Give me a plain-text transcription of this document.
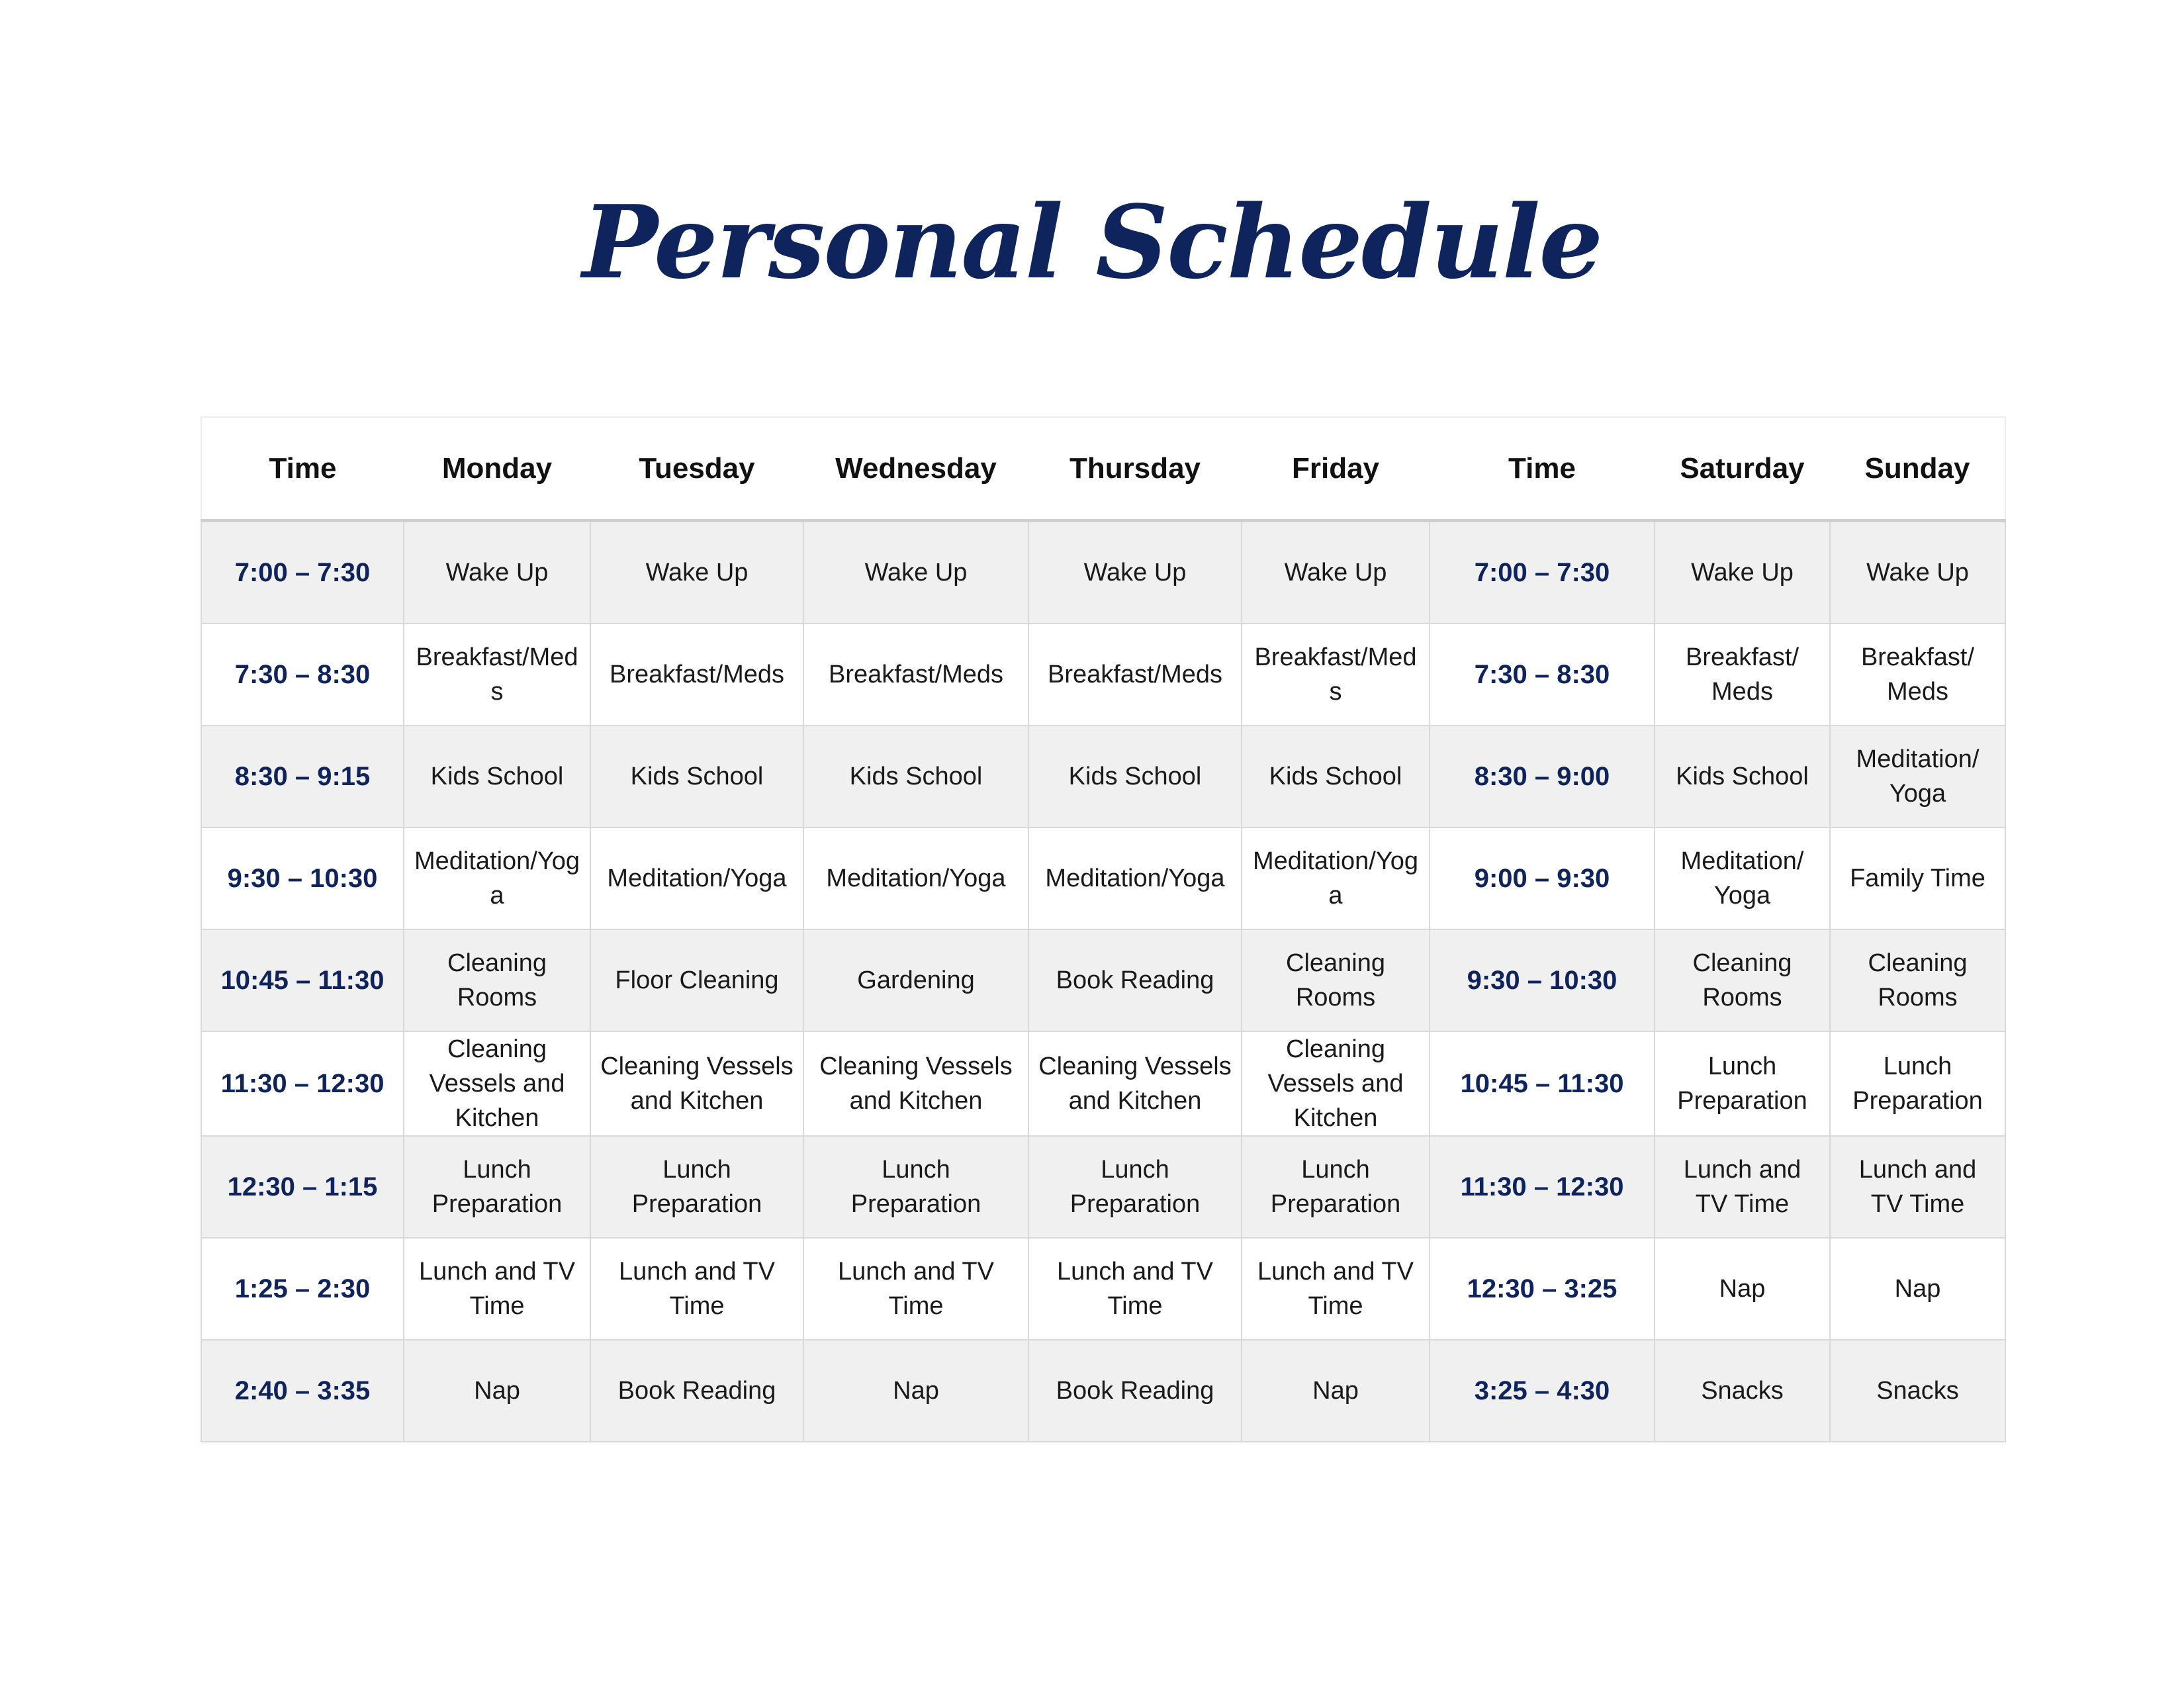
Personal Schedule
Time	Monday	Tuesday	Wednesday	Thursday	Friday	Time	Saturday	Sunday
7:00 – 7:30	Wake Up	Wake Up	Wake Up	Wake Up	Wake Up	7:00 – 7:30	Wake Up	Wake Up
7:30 – 8:30	Breakfast/Meds	Breakfast/Meds	Breakfast/Meds	Breakfast/Meds	Breakfast/Meds	7:30 – 8:30	Breakfast/ Meds	Breakfast/ Meds
8:30 – 9:15	Kids School	Kids School	Kids School	Kids School	Kids School	8:30 – 9:00	Kids School	Meditation/ Yoga
9:30 – 10:30	Meditation/Yoga	Meditation/Yoga	Meditation/Yoga	Meditation/Yoga	Meditation/Yoga	9:00 – 9:30	Meditation/ Yoga	Family Time
10:45 – 11:30	Cleaning Rooms	Floor Cleaning	Gardening	Book Reading	Cleaning Rooms	9:30 – 10:30	Cleaning Rooms	Cleaning Rooms
11:30 – 12:30	Cleaning Vessels and Kitchen	Cleaning Vessels and Kitchen	Cleaning Vessels and Kitchen	Cleaning Vessels and Kitchen	Cleaning Vessels and Kitchen	10:45 – 11:30	Lunch Preparation	Lunch Preparation
12:30 – 1:15	Lunch Preparation	Lunch Preparation	Lunch Preparation	Lunch Preparation	Lunch Preparation	11:30 – 12:30	Lunch and TV Time	Lunch and TV Time
1:25 – 2:30	Lunch and TV Time	Lunch and TV Time	Lunch and TV Time	Lunch and TV Time	Lunch and TV Time	12:30 – 3:25	Nap	Nap
2:40 – 3:35	Nap	Book Reading	Nap	Book Reading	Nap	3:25 – 4:30	Snacks	Snacks
